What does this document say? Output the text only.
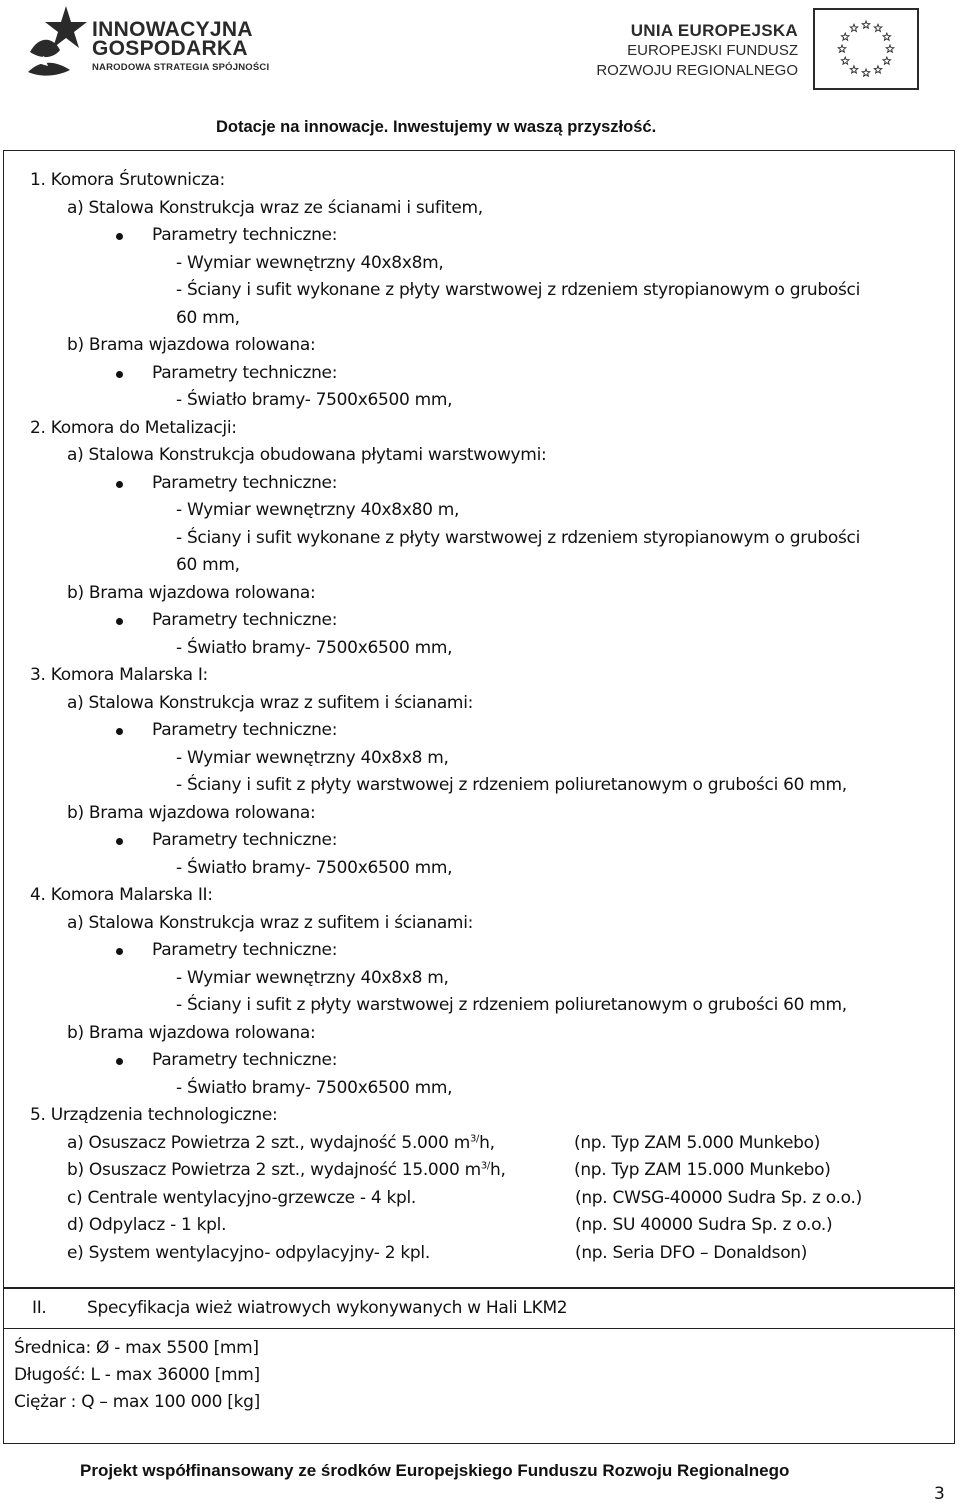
INNOWACYJNA
GOSPODARKA
NARODOWA STRATEGIA SPÓJNOŚCI
UNIA EUROPEJSKA
EUROPEJSKI FUNDUSZ
ROZWOJU REGIONALNEGO
Dotacje na innowacje. Inwestujemy w waszą przyszłość.
1. Komora Śrutownicza:
a) Stalowa Konstrukcja wraz ze ścianami i sufitem,
Parametry techniczne:
- Wymiar wewnętrzny 40x8x8m,
- Ściany i sufit wykonane z płyty warstwowej z rdzeniem styropianowym o grubości
60 mm,
b) Brama wjazdowa rolowana:
Parametry techniczne:
- Światło bramy- 7500x6500 mm,
2. Komora do Metalizacji:
a) Stalowa Konstrukcja obudowana płytami warstwowymi:
Parametry techniczne:
- Wymiar wewnętrzny 40x8x80 m,
- Ściany i sufit wykonane z płyty warstwowej z rdzeniem styropianowym o grubości
60 mm,
b) Brama wjazdowa rolowana:
Parametry techniczne:
- Światło bramy- 7500x6500 mm,
3. Komora Malarska I:
a) Stalowa Konstrukcja wraz z sufitem i ścianami:
Parametry techniczne:
- Wymiar wewnętrzny 40x8x8 m,
- Ściany i sufit z płyty warstwowej z rdzeniem poliuretanowym o grubości 60 mm,
b) Brama wjazdowa rolowana:
Parametry techniczne:
- Światło bramy- 7500x6500 mm,
4. Komora Malarska II:
a) Stalowa Konstrukcja wraz z sufitem i ścianami:
Parametry techniczne:
- Wymiar wewnętrzny 40x8x8 m,
- Ściany i sufit z płyty warstwowej z rdzeniem poliuretanowym o grubości 60 mm,
b) Brama wjazdowa rolowana:
Parametry techniczne:
- Światło bramy- 7500x6500 mm,
5. Urządzenia technologiczne:
a) Osuszacz Powietrza 2 szt., wydajność 5.000 $m^{3/}h$,	(np. Typ ZAM 5.000 Munkebo)
b) Osuszacz Powietrza 2 szt., wydajność 15.000 $m^{3/}h$,	(np. Typ ZAM 15.000 Munkebo)
c) Centrale wentylacyjno-grzewcze - 4 kpl.	(np. CWSG-40000 Sudra Sp. z o.o.)
d) Odpylacz - 1 kpl.	(np. SU 40000 Sudra Sp. z o.o.)
e) System wentylacyjno- odpylacyjny- 2 kpl.	(np. Seria DFO – Donaldson)
II. Specyfikacja wież wiatrowych wykonywanych w Hali LKM2
Średnica: Ø - max 5500 [mm]
Długość: L - max 36000 [mm]
Ciężar : Q – max 100 000 [kg]
Projekt współfinansowany ze środków Europejskiego Funduszu Rozwoju Regionalnego
3
